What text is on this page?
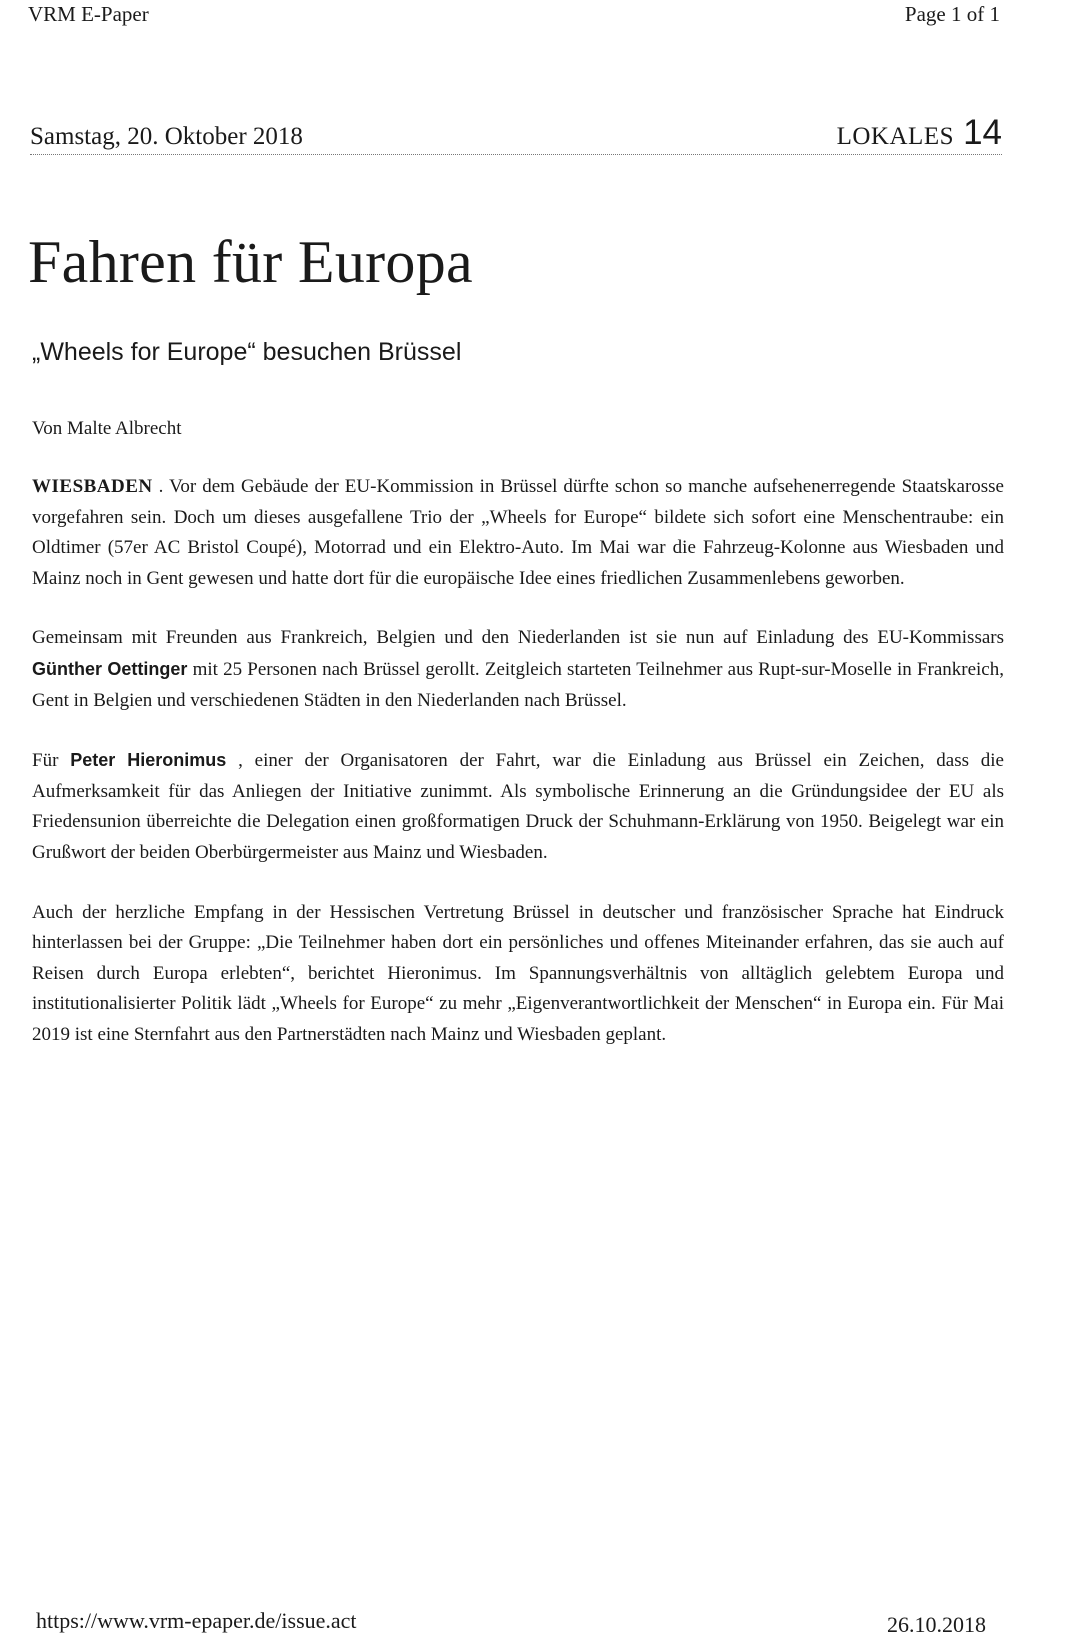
VRM E-Paper	Page 1 of 1
Samstag, 20. Oktober 2018	LOKALES 14
Fahren für Europa
„Wheels for Europe“ besuchen Brüssel
Von Malte Albrecht

WIESBADEN . Vor dem Gebäude der EU-Kommission in Brüssel dürfte schon so manche aufsehenerregende Staatskarosse vorgefahren sein. Doch um dieses ausgefallene Trio der „Wheels for Europe“ bildete sich sofort eine Menschentraube: ein Oldtimer (57er AC Bristol Coupé), Motorrad und ein Elektro-Auto. Im Mai war die Fahrzeug-Kolonne aus Wiesbaden und Mainz noch in Gent gewesen und hatte dort für die europäische Idee eines friedlichen Zusammenlebens geworben.

Gemeinsam mit Freunden aus Frankreich, Belgien und den Niederlanden ist sie nun auf Einladung des EU-Kommissars Günther Oettinger mit 25 Personen nach Brüssel gerollt. Zeitgleich starteten Teilnehmer aus Rupt-sur-Moselle in Frankreich, Gent in Belgien und verschiedenen Städten in den Niederlanden nach Brüssel.

Für Peter Hieronimus , einer der Organisatoren der Fahrt, war die Einladung aus Brüssel ein Zeichen, dass die Aufmerksamkeit für das Anliegen der Initiative zunimmt. Als symbolische Erinnerung an die Gründungsidee der EU als Friedensunion überreichte die Delegation einen großformatigen Druck der Schuhmann-Erklärung von 1950. Beigelegt war ein Grußwort der beiden Oberbürgermeister aus Mainz und Wiesbaden.

Auch der herzliche Empfang in der Hessischen Vertretung Brüssel in deutscher und französischer Sprache hat Eindruck hinterlassen bei der Gruppe: „Die Teilnehmer haben dort ein persönliches und offenes Miteinander erfahren, das sie auch auf Reisen durch Europa erlebten“, berichtet Hieronimus. Im Spannungsverhältnis von alltäglich gelebtem Europa und institutionalisierter Politik lädt „Wheels for Europe“ zu mehr „Eigenverantwortlichkeit der Menschen“ in Europa ein. Für Mai 2019 ist eine Sternfahrt aus den Partnerstädten nach Mainz und Wiesbaden geplant.

https://www.vrm-epaper.de/issue.act	26.10.2018
